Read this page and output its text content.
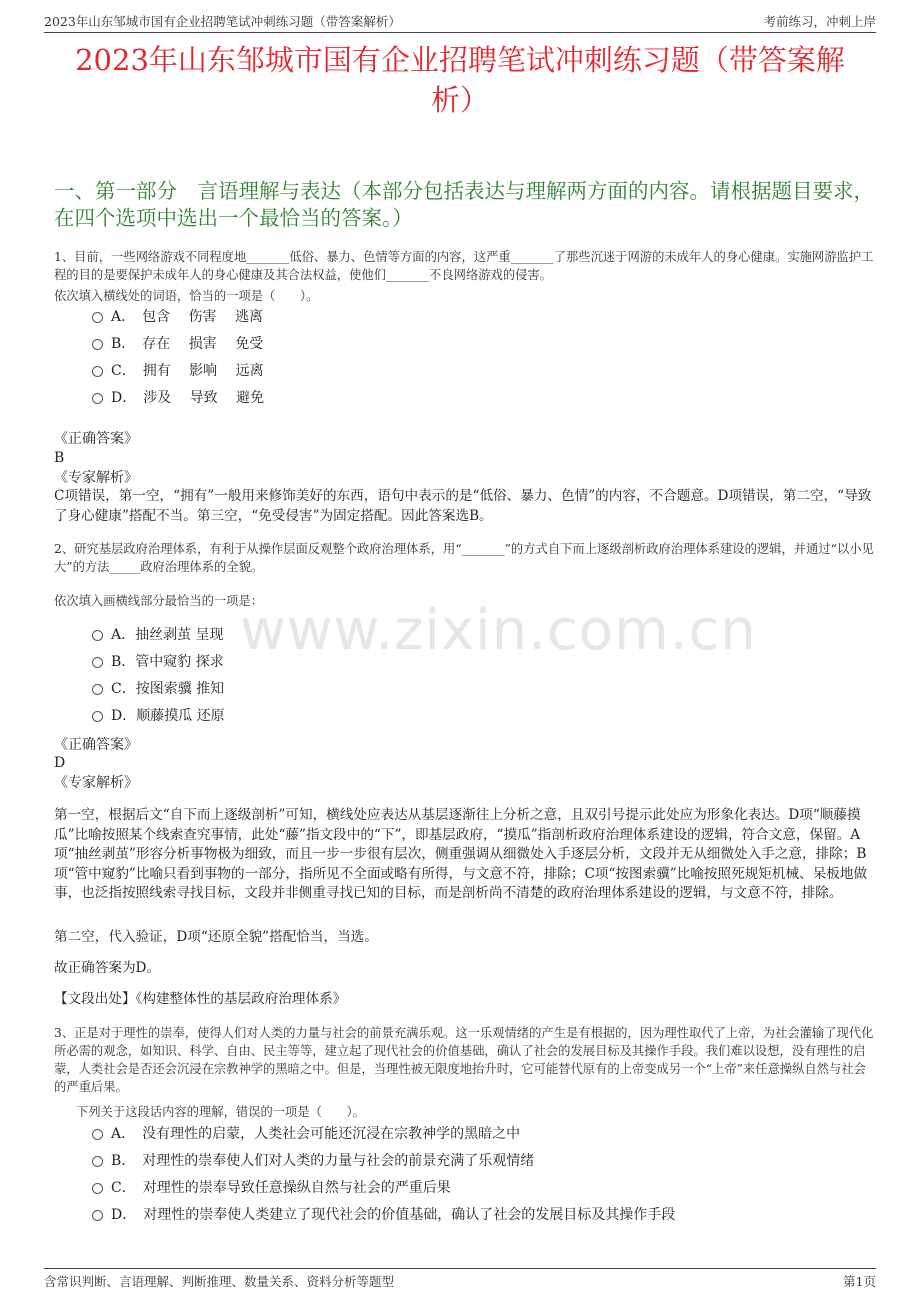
2023年山东邹城市国有企业招聘笔试冲刺练习题（带答案解析）	考前练习，冲刺上岸
2023年山东邹城市国有企业招聘笔试冲刺练习题（带答案解
析）
一、第一部分　言语理解与表达（本部分包括表达与理解两方面的内容。请根据题目要求，在四个选项中选出一个最恰当的答案。）
www.zixin.com.cn
1、目前，一些网络游戏不同程度地_______低俗、暴力、色情等方面的内容，这严重_______了那些沉迷于网游的未成年人的身心健康。实施网游监护工程的目的是要保护未成年人的身心健康及其合法权益，使他们_______不良网络游戏的侵害。
依次填入横线处的词语，恰当的一项是（　　）。
A．　包含　 伤害　 逃离
B．　存在　 损害　 免受
C．　拥有　 影响　 远离
D．　涉及　 导致　 避免
《正确答案》
B
《专家解析》
C项错误，第一空，“拥有”一般用来修饰美好的东西，语句中表示的是“低俗、暴力、色情”的内容，不合题意。D项错误，第二空，“导致了身心健康”搭配不当。第三空，“免受侵害”为固定搭配。因此答案选B。
2、研究基层政府治理体系，有利于从操作层面反观整个政府治理体系，用“_______”的方式自下而上逐级剖析政府治理体系建设的逻辑，并通过“以小见大”的方法_____政府治理体系的全貌。
依次填入画横线部分最恰当的一项是：
A．抽丝剥茧 呈现
B．管中窥豹 探求
C．按图索骥 推知
D．顺藤摸瓜 还原
《正确答案》
D
《专家解析》
第一空，根据后文“自下而上逐级剖析”可知，横线处应表达从基层逐渐往上分析之意，且双引号提示此处应为形象化表达。D项“顺藤摸瓜”比喻按照某个线索查究事情，此处“藤”指文段中的“下”，即基层政府，“摸瓜”指剖析政府治理体系建设的逻辑，符合文意，保留。A项“抽丝剥茧”形容分析事物极为细致，而且一步一步很有层次，侧重强调从细微处入手逐层分析，文段并无从细微处入手之意，排除；B项“管中窥豹”比喻只看到事物的一部分，指所见不全面或略有所得，与文意不符，排除；C项“按图索骥”比喻按照死规矩机械、呆板地做事，也泛指按照线索寻找目标，文段并非侧重寻找已知的目标，而是剖析尚不清楚的政府治理体系建设的逻辑，与文意不符，排除。
第二空，代入验证，D项“还原全貌”搭配恰当，当选。
故正确答案为D。
【文段出处】《构建整体性的基层政府治理体系》
3、正是对于理性的崇奉，使得人们对人类的力量与社会的前景充满乐观。这一乐观情绪的产生是有根据的，因为理性取代了上帝，为社会灌输了现代化所必需的观念，如知识、科学、自由、民主等等，建立起了现代社会的价值基础，确认了社会的发展目标及其操作手段。我们难以设想，没有理性的启蒙，人类社会是否还会沉浸在宗教神学的黑暗之中。但是，当理性被无限度地抬升时，它可能替代原有的上帝变成另一个“上帝”来任意操纵自然与社会的严重后果。
下列关于这段话内容的理解，错误的一项是（　　）。
A．　没有理性的启蒙，人类社会可能还沉浸在宗教神学的黑暗之中
B．　对理性的崇奉使人们对人类的力量与社会的前景充满了乐观情绪
C．　对理性的崇奉导致任意操纵自然与社会的严重后果
D．　对理性的崇奉使人类建立了现代社会的价值基础，确认了社会的发展目标及其操作手段
含常识判断、言语理解、判断推理、数量关系、资料分析等题型	第1页
